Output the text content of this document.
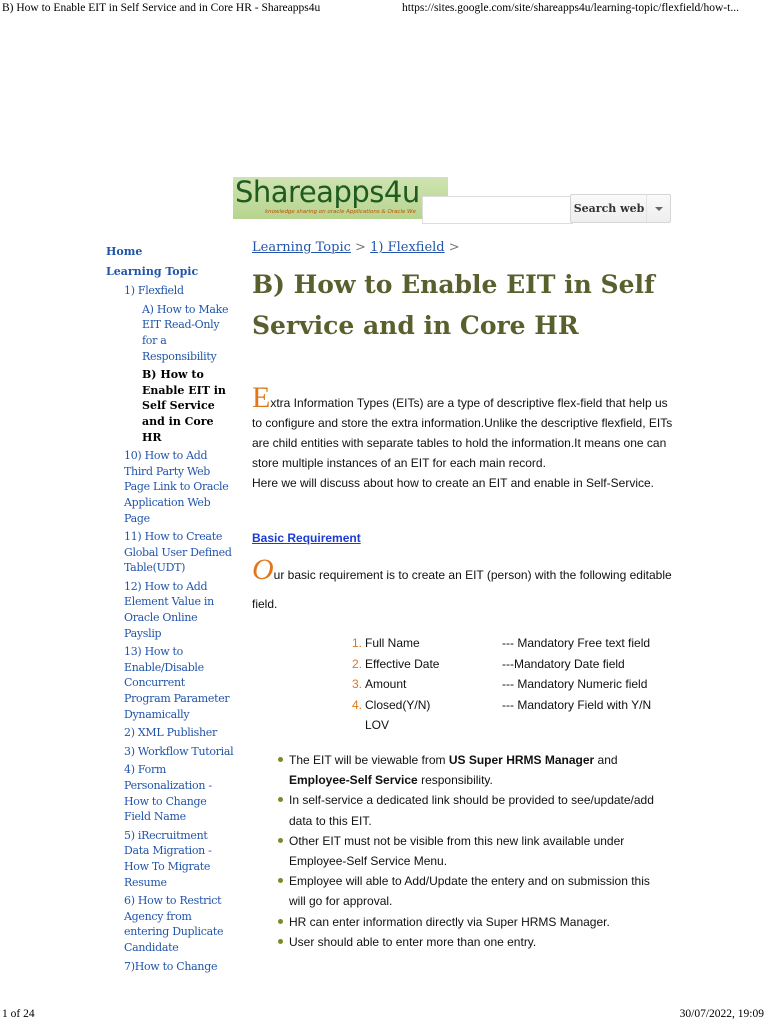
B) How to Enable EIT in Self Service and in Core HR - Shareapps4u	https://sites.google.com/site/shareapps4u/learning-topic/flexfield/how-t...
Shareapps4u
knowledge sharing on oracle Applications & Oracle We	Search web
Home
Learning Topic
1) Flexfield
A) How to Make EIT Read-Only for a Responsibility
B) How to Enable EIT in Self Service and in Core HR
10) How to Add Third Party Web Page Link to Oracle Application Web Page
11) How to Create Global User Defined Table(UDT)
12) How to Add Element Value in Oracle Online Payslip
13) How to Enable/Disable Concurrent Program Parameter Dynamically
2) XML Publisher
3) Workflow Tutorial
4) Form Personalization - How to Change Field Name
5) iRecruitment Data Migration - How To Migrate Resume
6) How to Restrict Agency from entering Duplicate Candidate
7)How to Change
Learning Topic > 1) Flexfield >
B) How to Enable EIT in Self Service and in Core HR

Extra Information Types (EITs) are a type of descriptive flex-field that help us to configure and store the extra information.Unlike the descriptive flexfield, EITs are child entities with separate tables to hold the information.It means one can store multiple instances of an EIT for each main record.
Here we will discuss about how to create an EIT and enable in Self-Service.

Basic Requirement

Our basic requirement is to create an EIT (person) with the following editable field.

1. Full Name	--- Mandatory Free text field
2. Effective Date	---Mandatory Date field
3. Amount	--- Mandatory Numeric field
4. Closed(Y/N)	--- Mandatory Field with Y/N
LOV
The EIT will be viewable from US Super HRMS Manager and Employee-Self Service responsibility.
In self-service a dedicated link should be provided to see/update/add data to this EIT.
Other EIT must not be visible from this new link available under Employee-Self Service Menu.
Employee will able to Add/Update the entery and on submission this will go for approval.
HR can enter information directly via Super HRMS Manager.
User should able to enter more than one entry.
1 of 24	30/07/2022, 19:09
